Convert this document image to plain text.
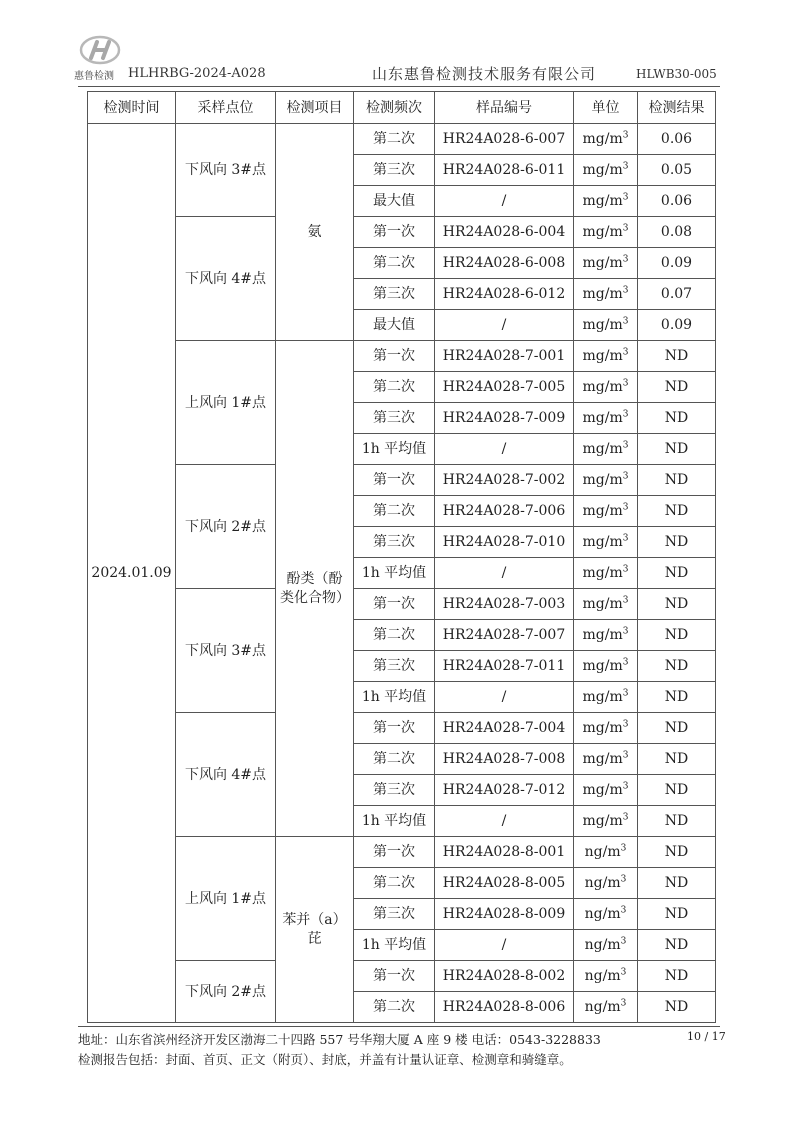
惠鲁检测 HLHRBG-2024-A028	山东惠鲁检测技术服务有限公司	HLWB30-005
检测时间	采样点位	检测项目	检测频次	样品编号	单位	检测结果
2024.01.09	下风向 3#点	氨	第二次	HR24A028-6-007	$mg/m^3$	0.06
			第三次	HR24A028-6-011	$mg/m^3$	0.05
			最大值	/	$mg/m^3$	0.06
	下风向 4#点		第一次	HR24A028-6-004	$mg/m^3$	0.08
			第二次	HR24A028-6-008	$mg/m^3$	0.09
			第三次	HR24A028-6-012	$mg/m^3$	0.07
			最大值	/	$mg/m^3$	0.09
	上风向 1#点	酚类（酚类化合物）	第一次	HR24A028-7-001	$mg/m^3$	ND
			第二次	HR24A028-7-005	$mg/m^3$	ND
			第三次	HR24A028-7-009	$mg/m^3$	ND
			1h 平均值	/	$mg/m^3$	ND
	下风向 2#点		第一次	HR24A028-7-002	$mg/m^3$	ND
			第二次	HR24A028-7-006	$mg/m^3$	ND
			第三次	HR24A028-7-010	$mg/m^3$	ND
			1h 平均值	/	$mg/m^3$	ND
	下风向 3#点		第一次	HR24A028-7-003	$mg/m^3$	ND
			第二次	HR24A028-7-007	$mg/m^3$	ND
			第三次	HR24A028-7-011	$mg/m^3$	ND
			1h 平均值	/	$mg/m^3$	ND
	下风向 4#点		第一次	HR24A028-7-004	$mg/m^3$	ND
			第二次	HR24A028-7-008	$mg/m^3$	ND
			第三次	HR24A028-7-012	$mg/m^3$	ND
			1h 平均值	/	$mg/m^3$	ND
	上风向 1#点	苯并（a）芘	第一次	HR24A028-8-001	$ng/m^3$	ND
			第二次	HR24A028-8-005	$ng/m^3$	ND
			第三次	HR24A028-8-009	$ng/m^3$	ND
			1h 平均值	/	$ng/m^3$	ND
	下风向 2#点		第一次	HR24A028-8-002	$ng/m^3$	ND
			第二次	HR24A028-8-006	$ng/m^3$	ND
地址：山东省滨州经济开发区渤海二十四路 557 号华翔大厦 A 座 9 楼 电话：0543-3228833	10 / 17
检测报告包括：封面、首页、正文（附页）、封底，并盖有计量认证章、检测章和骑缝章。
